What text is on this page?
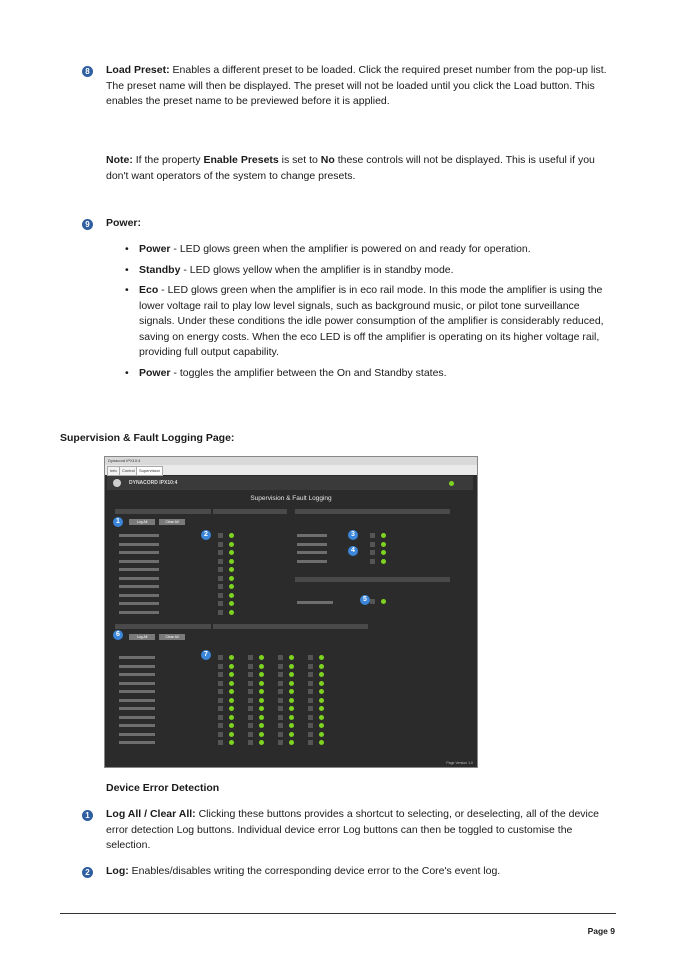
8	Load Preset: Enables a different preset to be loaded. Click the required preset number from the pop-up list. The preset name will then be displayed. The preset will not be loaded until you click the Load button. This enables the preset name to be previewed before it is applied.
Note: If the property Enable Presets is set to No these controls will not be displayed. This is useful if you don't want operators of the system to change presets.
9	Power:
• Power - LED glows green when the amplifier is powered on and ready for operation.
• Standby - LED glows yellow when the amplifier is in standby mode.
• Eco - LED glows green when the amplifier is in eco rail mode. In this mode the amplifier is using the lower voltage rail to play low level signals, such as background music, or pilot tone surveillance signals. Under these conditions the idle power consumption of the amplifier is considerably reduced, saving on energy costs. When the eco LED is off the amplifier is operating on its higher voltage rail, providing full output capability.
• Power - toggles the amplifier between the On and Standby states.
Supervision & Fault Logging Page:
Dynacord IPX10:4
Info	Control	Supervision
DYNACORD IPX10:4
Supervision & Fault Logging
1	Log All	Clear All
2	3
4
5
6
7
Log All	Clear All
Page Version 1.0
Device Error Detection
1	Log All / Clear All: Clicking these buttons provides a shortcut to selecting, or deselecting, all of the device error detection Log buttons. Individual device error Log buttons can then be toggled to customise the selection.
2	Log: Enables/disables writing the corresponding device error to the Core's event log.
Page 9
